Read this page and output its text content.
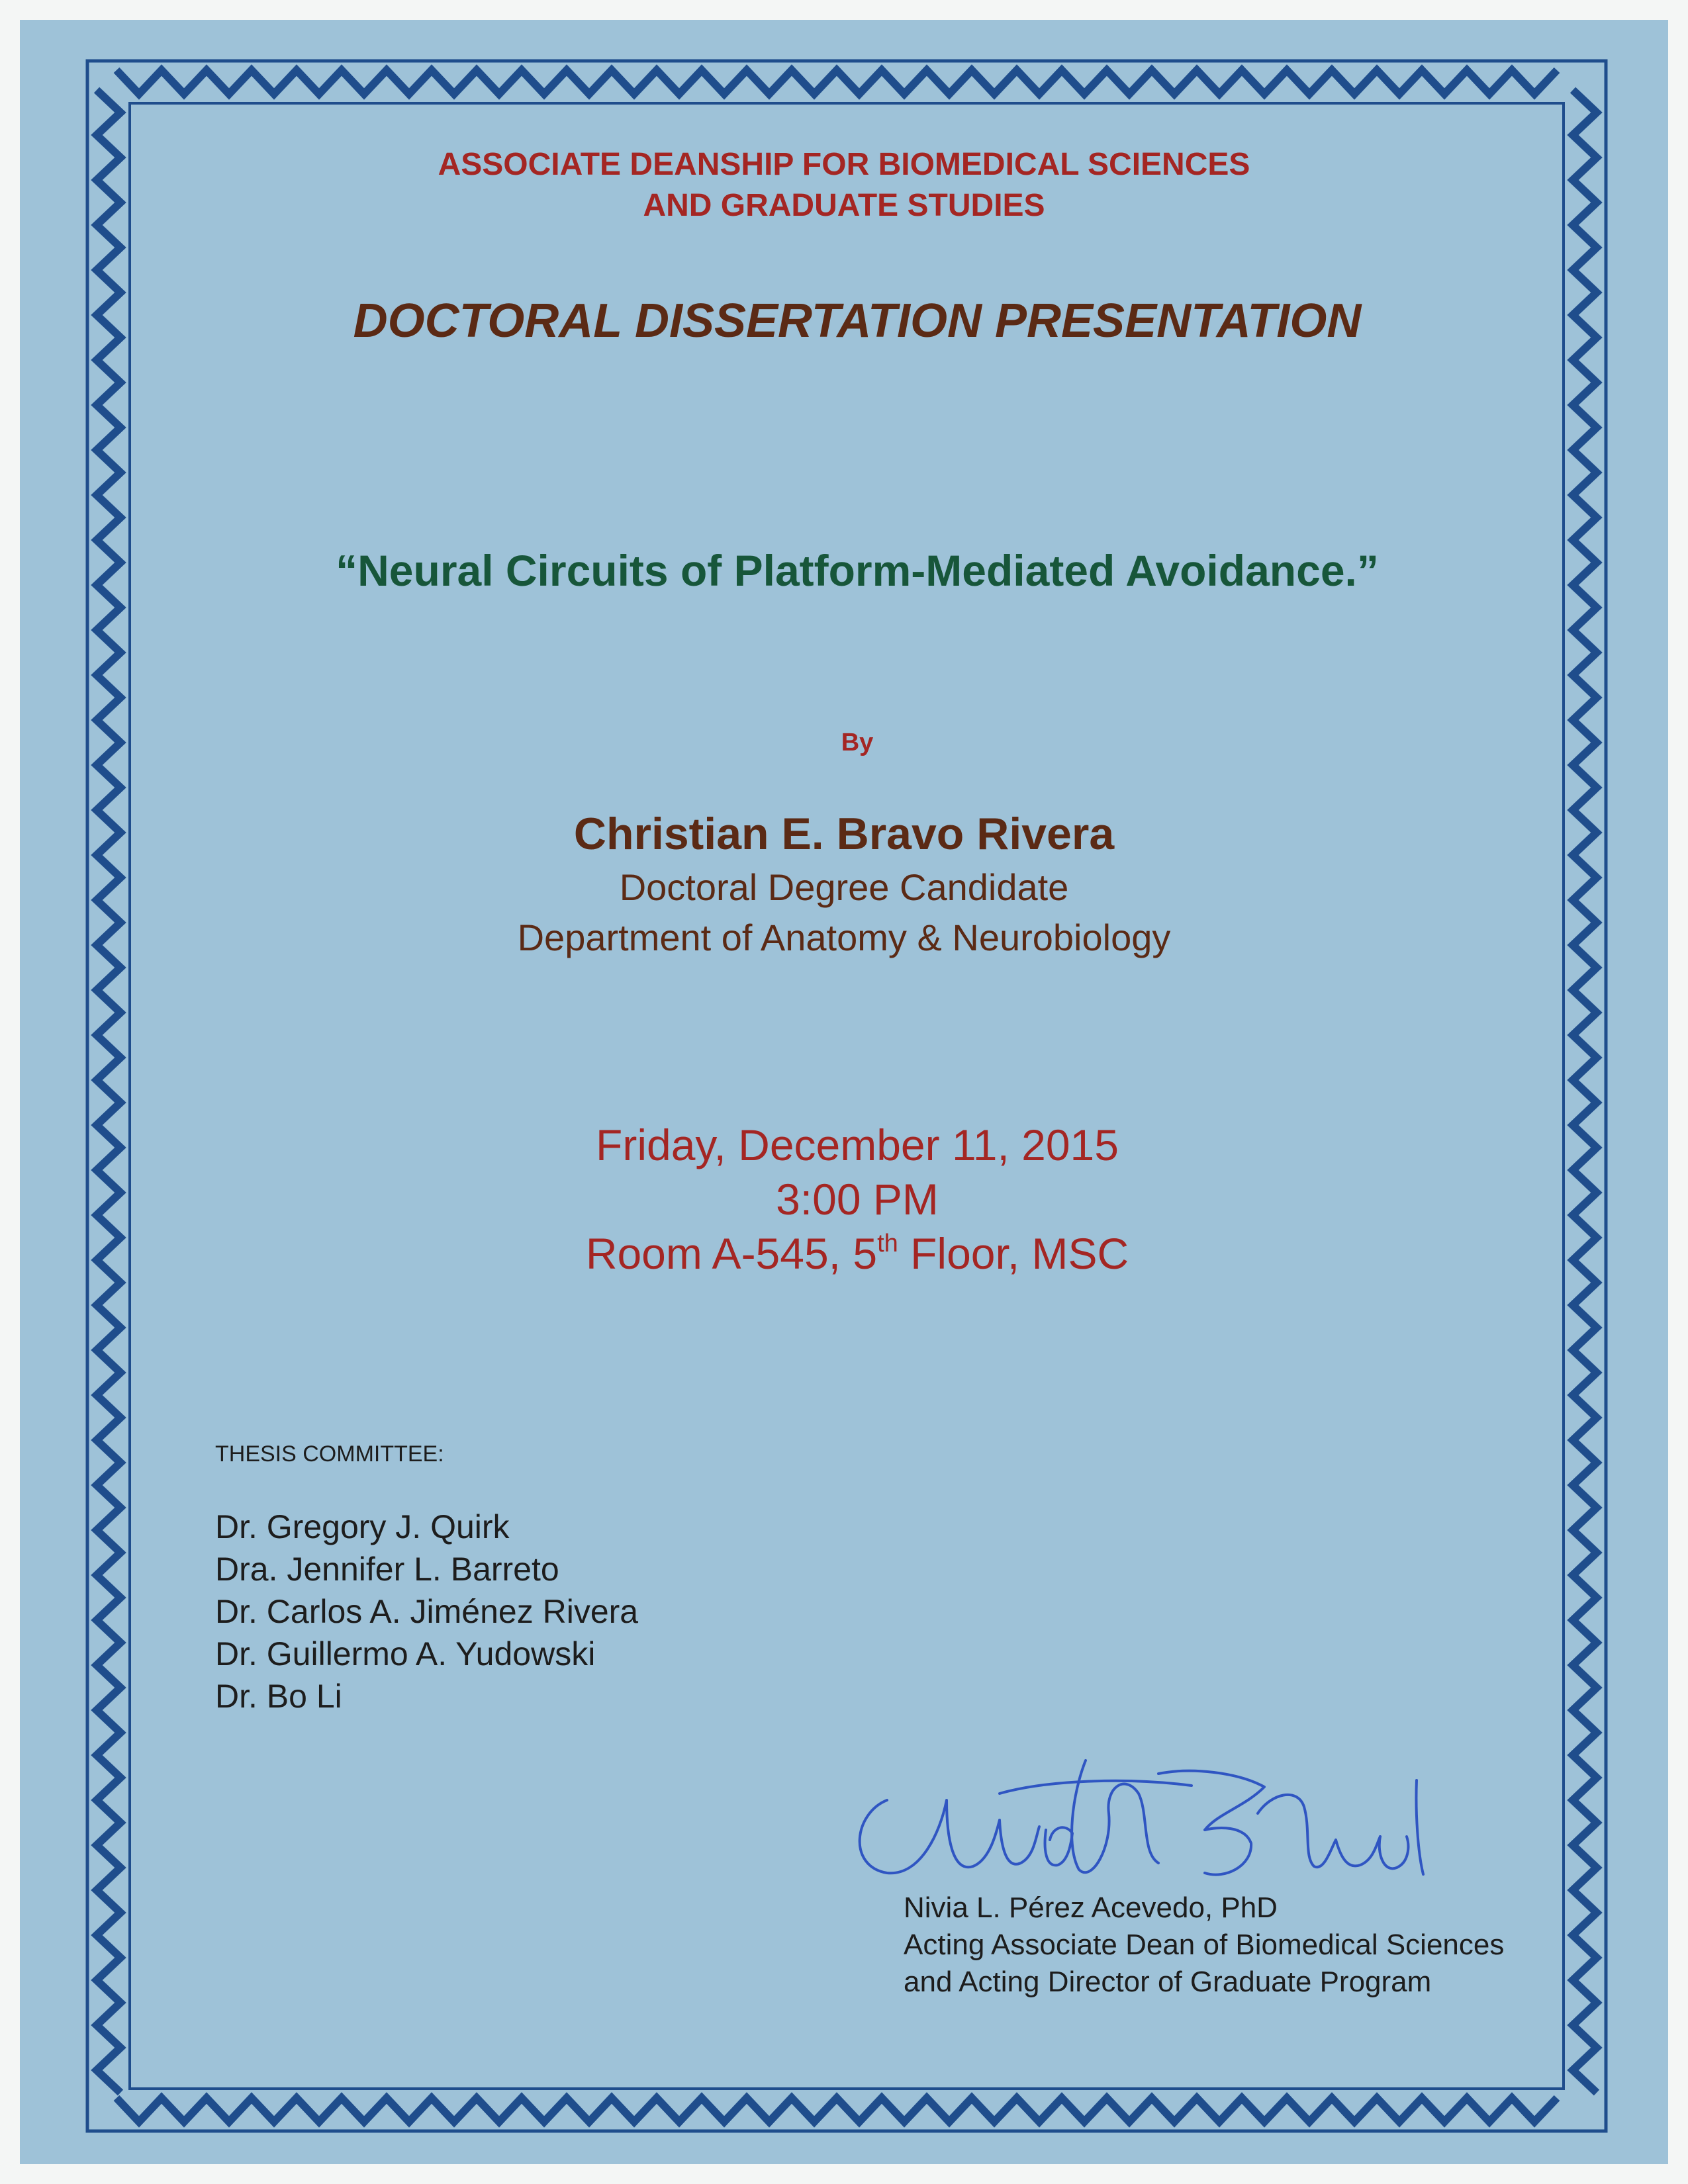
ASSOCIATE DEANSHIP FOR BIOMEDICAL SCIENCES

AND GRADUATE STUDIES

DOCTORAL DISSERTATION PRESENTATION
“Neural Circuits of Platform-Mediated Avoidance.”

By

Christian E. Bravo Rivera

Doctoral Degree Candidate

Department of Anatomy & Neurobiology

Friday, December 11, 2015

3:00 PM

Room A-545, 5th Floor, MSC

THESIS COMMITTEE:

Dr. Gregory J. Quirk
Dra. Jennifer L. Barreto
Dr. Carlos A. Jiménez Rivera
Dr. Guillermo A. Yudowski
Dr. Bo Li

Nivia L. Pérez Acevedo, PhD
Acting Associate Dean of Biomedical Sciences
and Acting Director of Graduate Program
